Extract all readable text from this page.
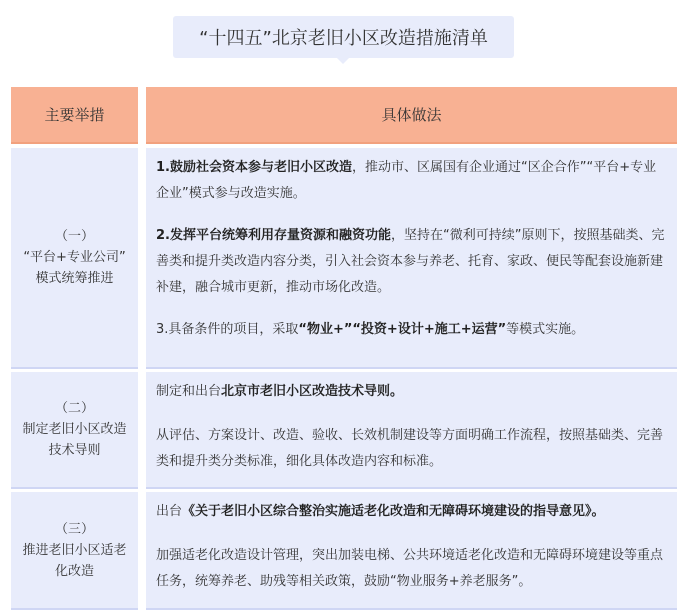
“十四五”北京老旧小区改造措施清单
主要举措	具体做法
（一）
“平台+专业公司”
模式统筹推进

1.鼓励社会资本参与老旧小区改造，推动市、区属国有企业通过“区企合作”“平台+专业企业”模式参与改造实施。

2.发挥平台统筹利用存量资源和融资功能，坚持在“微利可持续”原则下，按照基础类、完善类和提升类改造内容分类，引入社会资本参与养老、托育、家政、便民等配套设施新建补建，融合城市更新，推动市场化改造。

3.具备条件的项目，采取“物业+”“投资+设计+施工+运营”等模式实施。

（二）
制定老旧小区改造
技术导则

制定和出台北京市老旧小区改造技术导则。

从评估、方案设计、改造、验收、长效机制建设等方面明确工作流程，按照基础类、完善类和提升类分类标准，细化具体改造内容和标准。

（三）
推进老旧小区适老
化改造

出台《关于老旧小区综合整治实施适老化改造和无障碍环境建设的指导意见》。

加强适老化改造设计管理，突出加装电梯、公共环境适老化改造和无障碍环境建设等重点任务，统筹养老、助残等相关政策，鼓励“物业服务+养老服务”。
